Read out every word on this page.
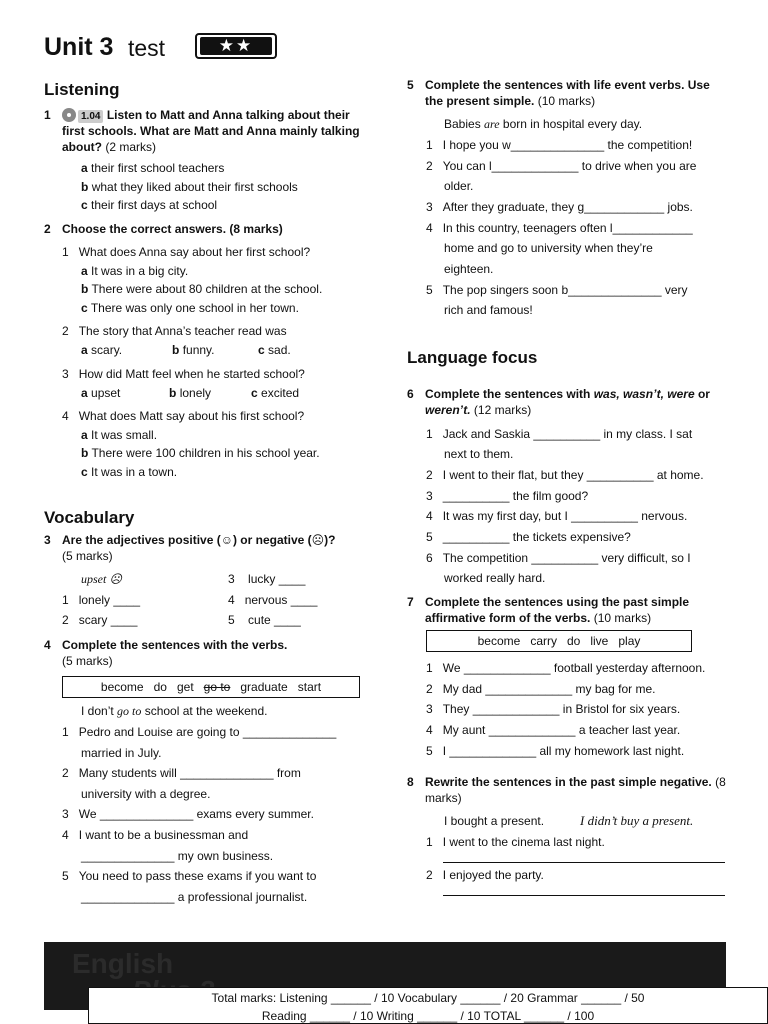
Unit 3 test	★★
Listening
1	1.04 Listen to Matt and Anna talking about their first schools. What are Matt and Anna mainly talking about? (2 marks)
a their first school teachers
b what they liked about their first schools
c their first days at school
2 Choose the correct answers. (8 marks)
1 What does Anna say about her first school?
a It was in a big city.
b There were about 80 children at the school.
c There was only one school in her town.
2 The story that Anna’s teacher read was
a scary.	b funny.	c sad.
3 How did Matt feel when he started school?
a upset	b lonely	c excited
4 What does Matt say about his first school?
a It was small.
b There were 100 children in his school year.
c It was in a town.
Vocabulary
3 Are the adjectives positive (☺) or negative (☹)?
(5 marks)
upset ☹
1 lonely ____
2 scary ____
3 lucky ____
4 nervous ____
5 cute ____
4 Complete the sentences with the verbs.
(5 marks)
become do get go to graduate start
I don’t go to school at the weekend.
1 Pedro and Louise are going to ______________
married in July.
2 Many students will ______________ from
university with a degree.
3 We ______________ exams every summer.
4 I want to be a businessman and
______________ my own business.
5 You need to pass these exams if you want to
______________ a professional journalist.
5 Complete the sentences with life event verbs. Use the present simple. (10 marks)
Babies are born in hospital every day.
1 I hope you w______________ the competition!
2 You can l_____________ to drive when you are
older.
3 After they graduate, they g____________ jobs.
4 In this country, teenagers often l____________
home and go to university when they’re
eighteen.
5 The pop singers soon b______________ very
rich and famous!
Language focus
6 Complete the sentences with was, wasn’t, were or weren’t. (12 marks)
1 Jack and Saskia __________ in my class. I sat
next to them.
2 I went to their flat, but they __________ at home.
3 __________ the film good?
4 It was my first day, but I __________ nervous.
5 __________ the tickets expensive?
6 The competition __________ very difficult, so I
worked really hard.
7 Complete the sentences using the past simple affirmative form of the verbs. (10 marks)
become carry do live play
1 We _____________ football yesterday afternoon.
2 My dad _____________ my bag for me.
3 They _____________ in Bristol for six years.
4 My aunt _____________ a teacher last year.
5 I _____________ all my homework last night.
8 Rewrite the sentences in the past simple negative. (8 marks)
I bought a present.	I didn’t buy a present.
1 I went to the cinema last night.
2 I enjoyed the party.
English
Total marks: Listening ______ / 10 Vocabulary ______ / 20 Grammar ______ / 50
Reading ______ / 10 Writing ______ / 10 TOTAL ______ / 100
